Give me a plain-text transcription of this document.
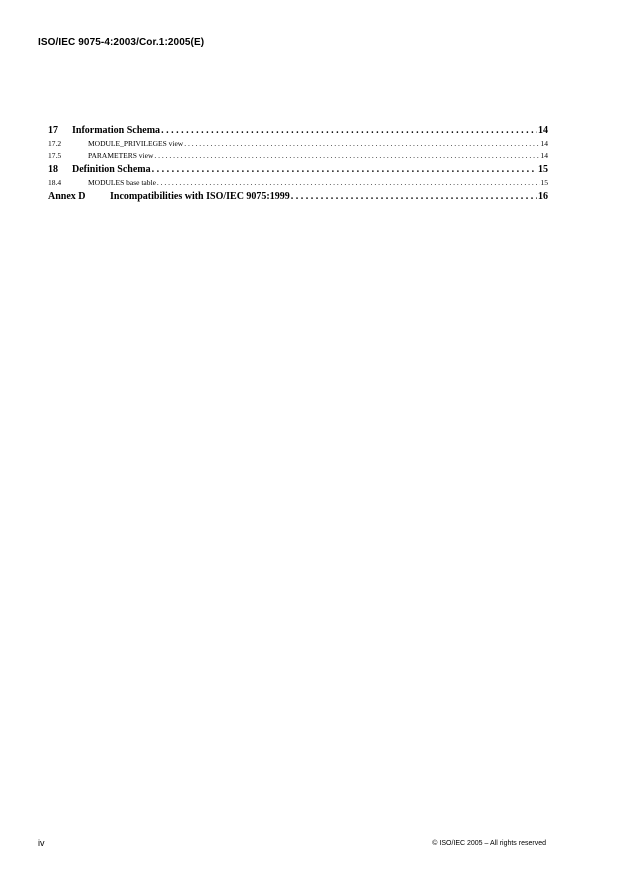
ISO/IEC 9075-4:2003/Cor.1:2005(E)
17	Information Schema . . .	14
17.2	MODULE_PRIVILEGES view . . .	14
17.5	PARAMETERS view . . .	14
18	Definition Schema . . .	15
18.4	MODULES base table . . .	15
Annex D	Incompatibilities with ISO/IEC 9075:1999 . . .	16
iv	© ISO/IEC 2005 – All rights reserved
